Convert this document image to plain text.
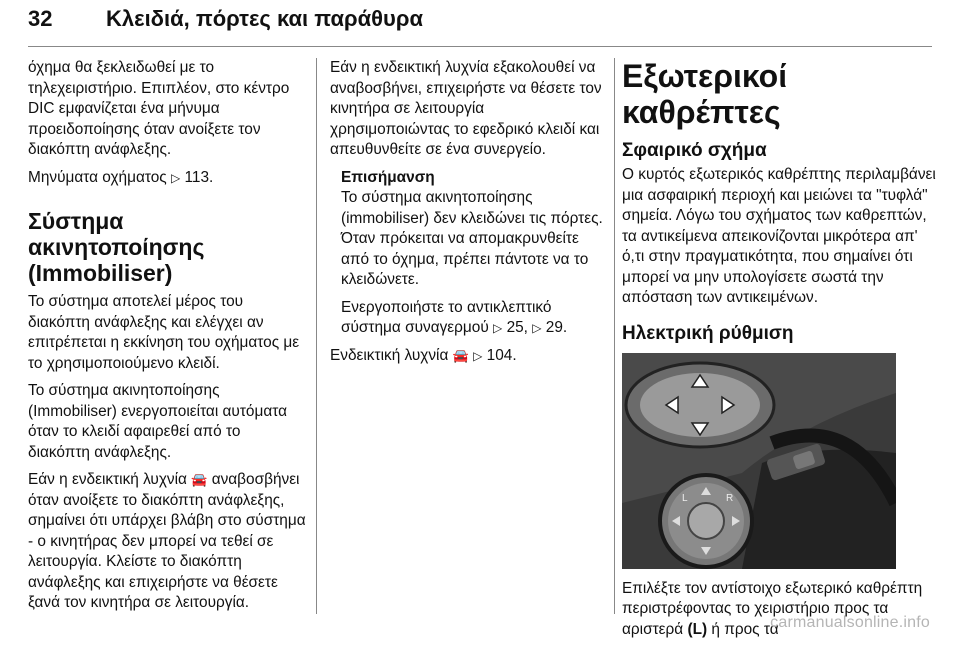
32 Κλειδιά, πόρτες και παράθυρα

όχημα θα ξεκλειδωθεί με το τηλεχειριστήριο. Επιπλέον, στο κέντρο DIC εμφανίζεται ένα μήνυμα προειδοποίησης όταν ανοίξετε τον διακόπτη ανάφλεξης.

Μηνύματα οχήματος ▷ 113.

Σύστημα ακινητοποίησης (Immobiliser)

Το σύστημα αποτελεί μέρος του διακόπτη ανάφλεξης και ελέγχει αν επιτρέπεται η εκκίνηση του οχήματος με το χρησιμοποιούμενο κλειδί.

Το σύστημα ακινητοποίησης (Immobiliser) ενεργοποιείται αυτόματα όταν το κλειδί αφαιρεθεί από το διακόπτη ανάφλεξης.

Εάν η ενδεικτική λυχνία 🚘 αναβοσβήνει όταν ανοίξετε το διακόπτη ανάφλεξης, σημαίνει ότι υπάρχει βλάβη στο σύστημα - ο κινητήρας δεν μπορεί να τεθεί σε λειτουργία. Κλείστε το διακόπτη ανάφλεξης και επιχειρήστε να θέσετε ξανά τον κινητήρα σε λειτουργία.

Εάν η ενδεικτική λυχνία εξακολουθεί να αναβοσβήνει, επιχειρήστε να θέσετε τον κινητήρα σε λειτουργία χρησιμοποιώντας το εφεδρικό κλειδί και απευθυνθείτε σε ένα συνεργείο.

Επισήμανση

Το σύστημα ακινητοποίησης (immobiliser) δεν κλειδώνει τις πόρτες. Όταν πρόκειται να απομακρυνθείτε από το όχημα, πρέπει πάντοτε να το κλειδώνετε.

Ενεργοποιήστε το αντικλεπτικό σύστημα συναγερμού ▷ 25, ▷ 29.

Ενδεικτική λυχνία 🚘 ▷ 104.

Εξωτερικοί καθρέπτες
Σφαιρικό σχήμα

Ο κυρτός εξωτερικός καθρέπτης περιλαμβάνει μια ασφαιρική περιοχή και μειώνει τα "τυφλά" σημεία. Λόγω του σχήματος των καθρεπτών, τα αντικείμενα απεικονίζονται μικρότερα απ' ό,τι στην πραγματικότητα, που σημαίνει ότι μπορεί να μην υπολογίσετε σωστά την απόσταση των αντικειμένων.

Ηλεκτρική ρύθμιση
L	R

Επιλέξτε τον αντίστοιχο εξωτερικό καθρέπτη περιστρέφοντας το χειριστήριο προς τα αριστερά (L) ή προς τα

carmanualsonline.info
